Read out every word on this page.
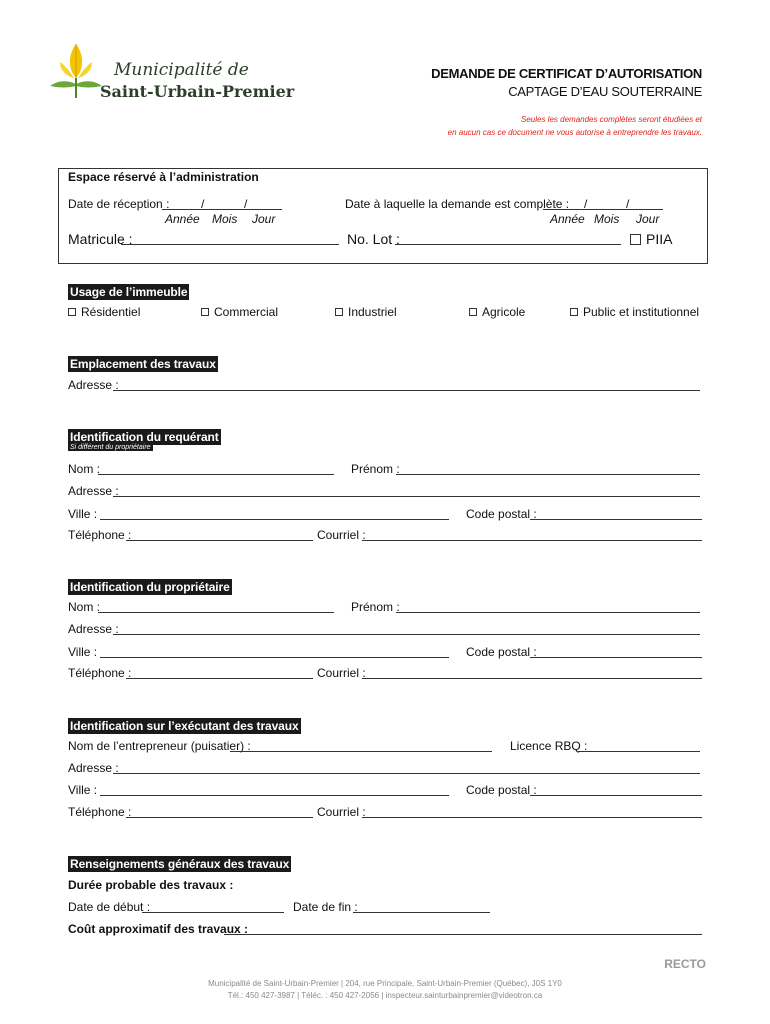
Municipalité de
Saint-Urbain-Premier
DEMANDE DE CERTIFICAT D’AUTORISATION
CAPTAGE D’EAU SOUTERRAINE
Seules les demandes complètes seront étudiées et
en aucun cas ce document ne vous autorise à entreprendre les travaux.
Espace réservé à l’administration
Date de réception :	/	/
Année Mois Jour
Date à laquelle la demande est complète : /	/
Année Mois Jour
Matricule :	No. Lot :	PIIA
Usage de l’immeuble
Résidentiel	Commercial	Industriel	Agricole	Public et institutionnel
Emplacement des travaux
Adresse :
Identification du requérant
Si différent du propriétaire
Nom :	Prénom :
Adresse :
Ville :	Code postal :
Téléphone :	Courriel :
Identification du propriétaire
Nom :	Prénom :
Adresse :
Ville :	Code postal :
Téléphone :	Courriel :
Identification sur l’exécutant des travaux
Nom de l’entrepreneur (puisatier) :	Licence RBQ :
Adresse :
Ville :	Code postal :
Téléphone :	Courriel :
Renseignements généraux des travaux
Durée probable des travaux :
Date de début :	Date de fin :
Coût approximatif des travaux :
RECTO
Municipalité de Saint-Urbain-Premier | 204, rue Principale, Saint-Urbain-Premier (Québec), J0S 1Y0
Tél.: 450 427-3987 | Téléc. : 450 427-2056 | inspecteur.sainturbainpremier@videotron.ca
